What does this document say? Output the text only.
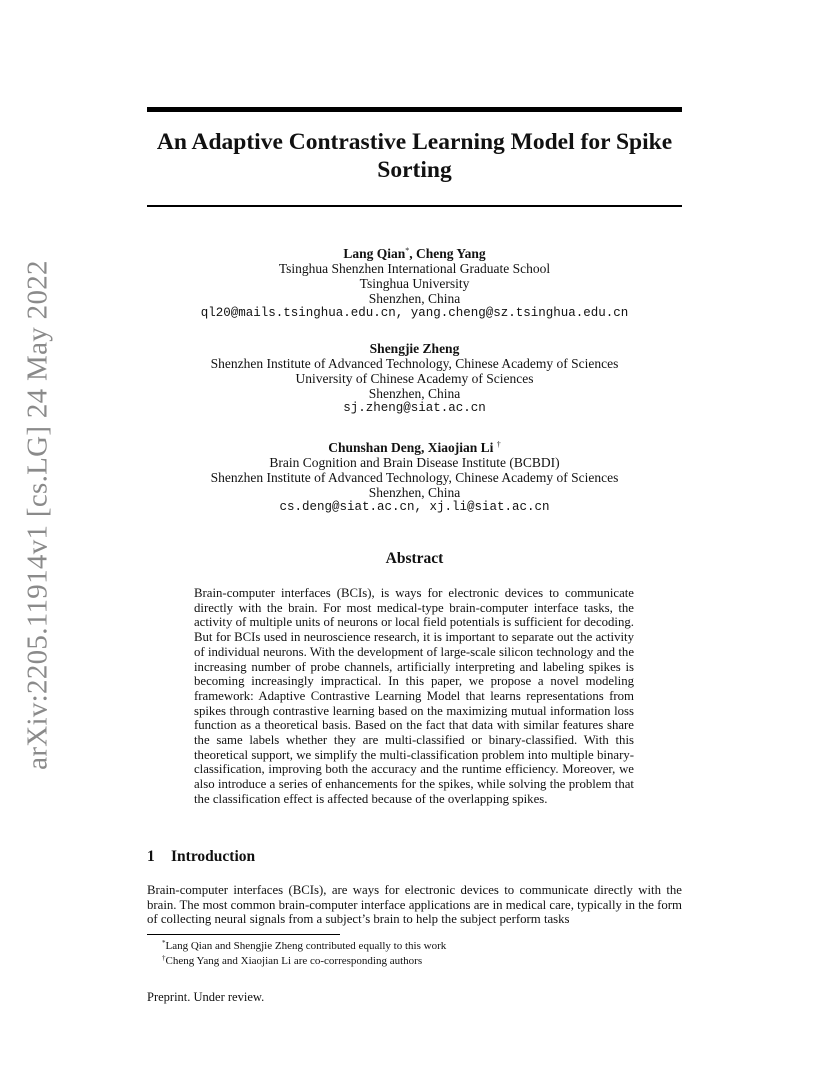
arXiv:2205.11914v1 [cs.LG] 24 May 2022
An Adaptive Contrastive Learning Model for Spike
Sorting
Lang Qian*, Cheng Yang
Tsinghua Shenzhen International Graduate School
Tsinghua University
Shenzhen, China
ql20@mails.tsinghua.edu.cn, yang.cheng@sz.tsinghua.edu.cn
Shengjie Zheng
Shenzhen Institute of Advanced Technology, Chinese Academy of Sciences
University of Chinese Academy of Sciences
Shenzhen, China
sj.zheng@siat.ac.cn
Chunshan Deng, Xiaojian Li †
Brain Cognition and Brain Disease Institute (BCBDI)
Shenzhen Institute of Advanced Technology, Chinese Academy of Sciences
Shenzhen, China
cs.deng@siat.ac.cn, xj.li@siat.ac.cn
Abstract
Brain-computer interfaces (BCIs), is ways for electronic devices to communicate directly with the brain. For most medical-type brain-computer interface tasks, the activity of multiple units of neurons or local field potentials is sufficient for decoding. But for BCIs used in neuroscience research, it is important to separate out the activity of individual neurons. With the development of large-scale silicon technology and the increasing number of probe channels, artificially interpreting and labeling spikes is becoming increasingly impractical. In this paper, we propose a novel modeling framework: Adaptive Contrastive Learning Model that learns representations from spikes through contrastive learning based on the maximizing mutual information loss function as a theoretical basis. Based on the fact that data with similar features share the same labels whether they are multi-classified or binary-classified. With this theoretical support, we simplify the multi-classification problem into multiple binary-classification, improving both the accuracy and the runtime efficiency. Moreover, we also introduce a series of enhancements for the spikes, while solving the problem that the classification effect is affected because of the overlapping spikes.
1 Introduction
Brain-computer interfaces (BCIs), are ways for electronic devices to communicate directly with the brain. The most common brain-computer interface applications are in medical care, typically in the form of collecting neural signals from a subject’s brain to help the subject perform tasks
*Lang Qian and Shengjie Zheng contributed equally to this work
†Cheng Yang and Xiaojian Li are co-corresponding authors
Preprint. Under review.
